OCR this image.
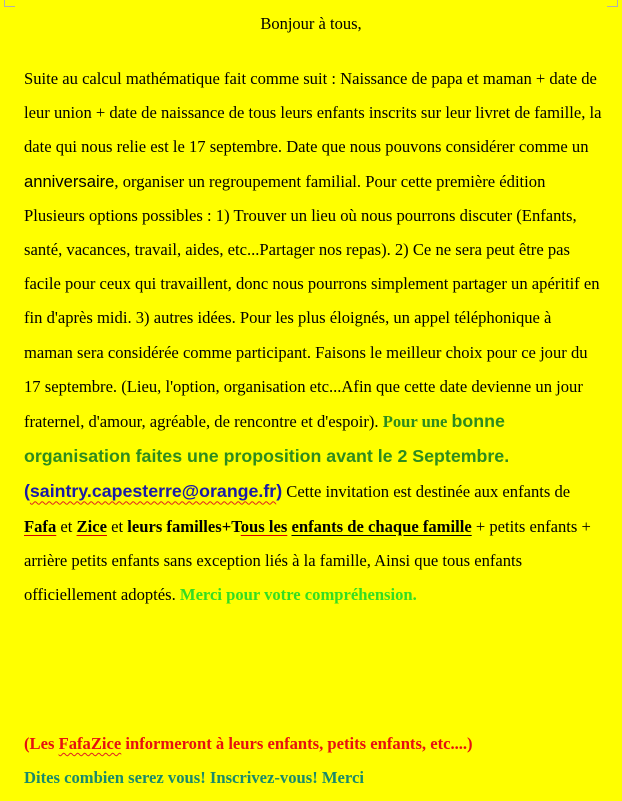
Bonjour à tous,
Suite au calcul mathématique fait comme suit : Naissance de papa et maman + date de leur union + date de naissance de tous leurs enfants inscrits sur leur livret de famille, la date qui nous relie est le 17 septembre. Date que nous pouvons considérer comme un anniversaire, organiser un regroupement familial. Pour cette première édition Plusieurs options possibles : 1) Trouver un lieu où nous pourrons discuter (Enfants, santé, vacances, travail, aides, etc...Partager nos repas). 2) Ce ne sera peut être pas facile pour ceux qui travaillent, donc nous pourrons simplement partager un apéritif en fin d'après midi. 3) autres idées. Pour les plus éloignés, un appel téléphonique à maman sera considérée comme participant. Faisons le meilleur choix pour ce jour du 17 septembre. (Lieu, l'option, organisation etc...Afin que cette date devienne un jour fraternel, d'amour, agréable, de rencontre et d'espoir). Pour une bonne organisation faites une proposition avant le 2 Septembre. (saintry.capesterre@orange.fr) Cette invitation est destinée aux enfants de Fafa et Zice et leurs familles+Tous les enfants de chaque famille + petits enfants + arrière petits enfants sans exception liés à la famille, Ainsi que tous enfants officiellement adoptés. Merci pour votre compréhension.
(Les FafaZice informeront à leurs enfants, petits enfants, etc....)
Dites combien serez vous! Inscrivez-vous! Merci
